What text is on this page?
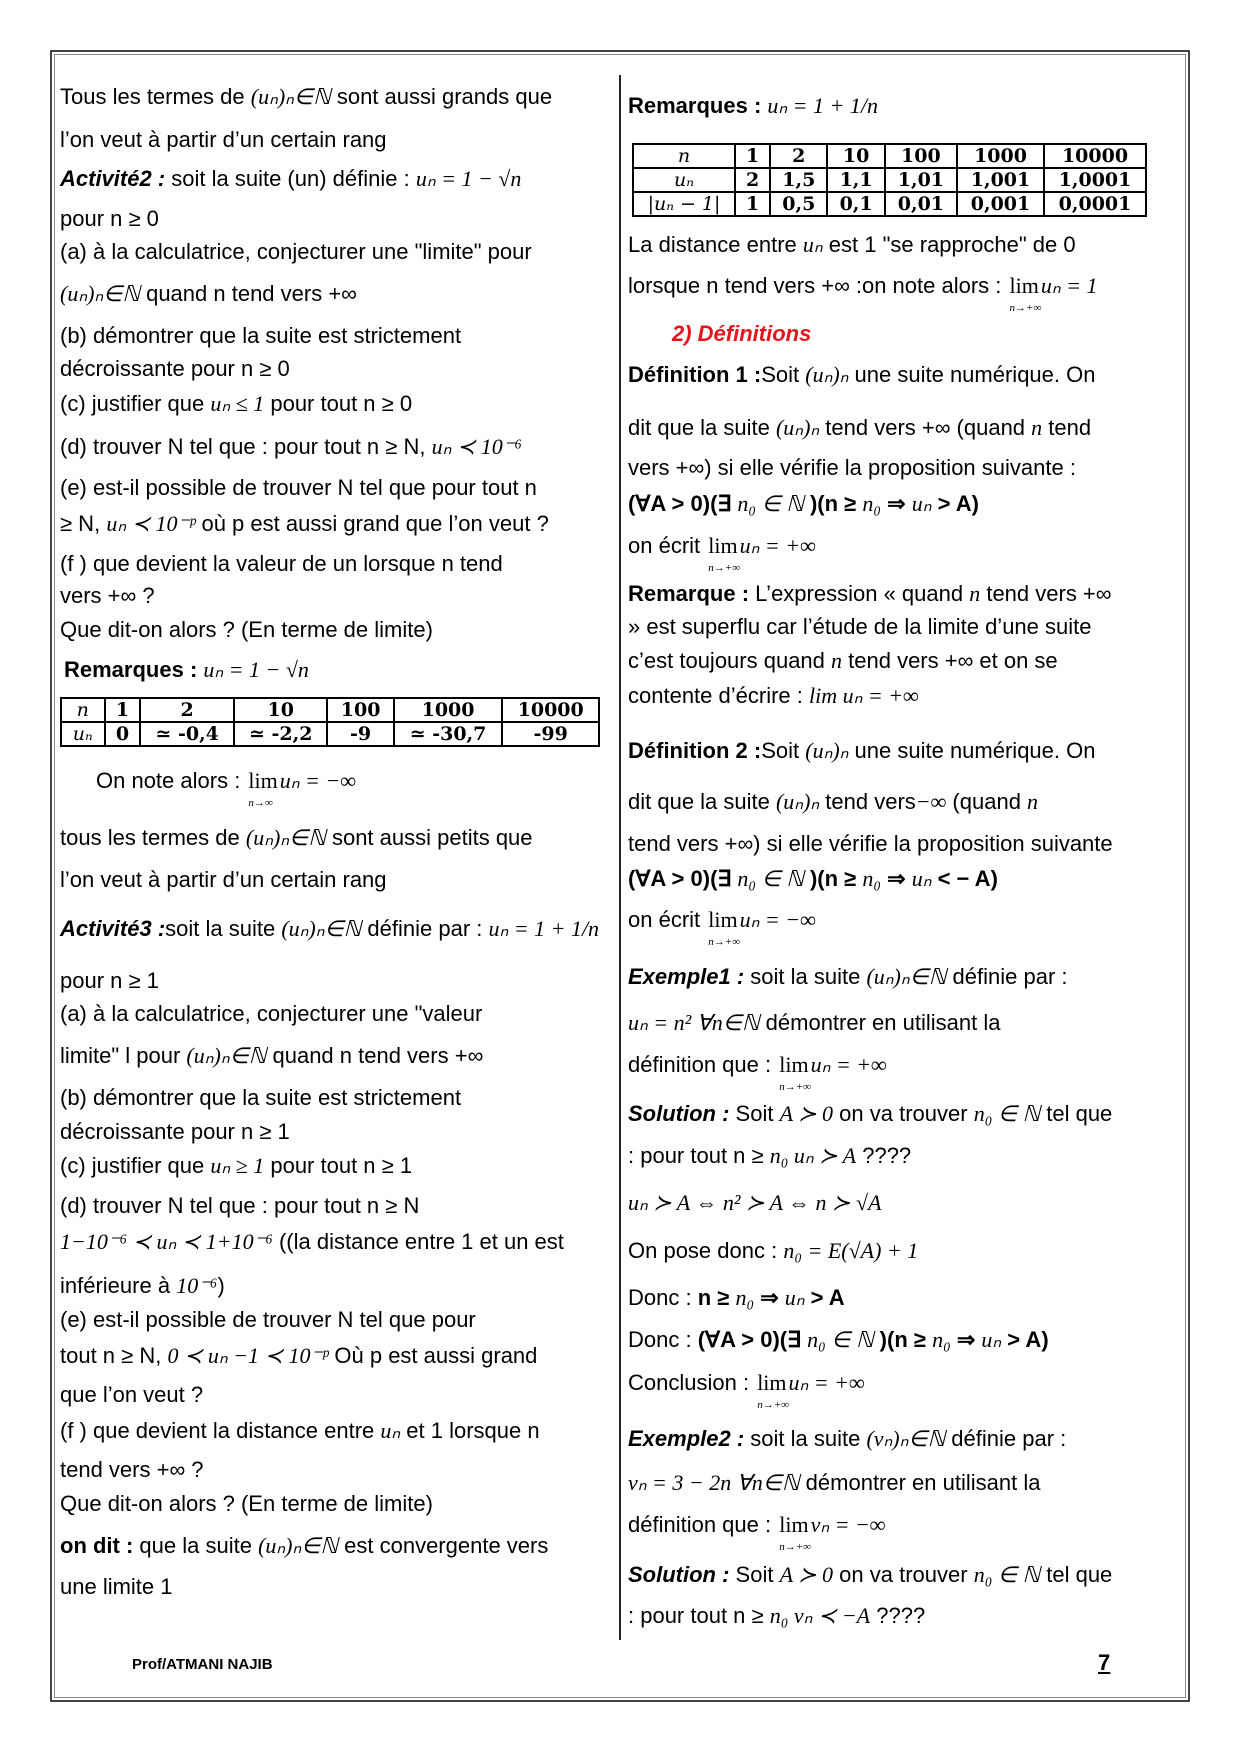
Tous les termes de (uₙ)ₙ∈ℕ sont aussi grands que
l’on veut à partir d’un certain rang
Activité2 : soit la suite (un) définie : uₙ = 1 − √n
pour n ≥ 0
(a) à la calculatrice, conjecturer une "limite" pour
(uₙ)ₙ∈ℕ quand n tend vers +∞
(b) démontrer que la suite est strictement
décroissante pour n ≥ 0
(c) justifier que uₙ ≤ 1 pour tout n ≥ 0
(d) trouver N tel que : pour tout n ≥ N, uₙ ≺ 10⁻⁶
(e) est-il possible de trouver N tel que pour tout n
≥ N, uₙ ≺ 10⁻ᵖ où p est aussi grand que l’on veut ?
(f ) que devient la valeur de un lorsque n tend
vers +∞ ?
Que dit-on alors ? (En terme de limite)
Remarques : uₙ = 1 − √n
On note alors : lim
n→∞
uₙ = −∞
tous les termes de (uₙ)ₙ∈ℕ sont aussi petits que
l’on veut à partir d’un certain rang
Activité3 :soit la suite (uₙ)ₙ∈ℕ définie par : uₙ = 1 + 1/n
pour n ≥ 1
(a) à la calculatrice, conjecturer une "valeur
limite" l pour (uₙ)ₙ∈ℕ quand n tend vers +∞
(b) démontrer que la suite est strictement
décroissante pour n ≥ 1
(c) justifier que uₙ ≥ 1 pour tout n ≥ 1
(d) trouver N tel que : pour tout n ≥ N
1−10⁻⁶ ≺ uₙ ≺ 1+10⁻⁶ ((la distance entre 1 et un est
inférieure à 10⁻⁶)
(e) est-il possible de trouver N tel que pour
tout n ≥ N, 0 ≺ uₙ −1 ≺ 10⁻ᵖ Où p est aussi grand
que l’on veut ?
(f ) que devient la distance entre uₙ et 1 lorsque n
tend vers +∞ ?
Que dit-on alors ? (En terme de limite)
on dit : que la suite (uₙ)ₙ∈ℕ est convergente vers
une limite 1
Remarques : uₙ = 1 + 1/n
La distance entre uₙ est 1 "se rapproche" de 0
lorsque n tend vers +∞ :on note alors : lim
n→+∞
uₙ = 1
2) Définitions
Définition 1 :Soit (uₙ)ₙ une suite numérique. On
dit que la suite (uₙ)ₙ tend vers +∞ (quand n tend
vers +∞) si elle vérifie la proposition suivante :
(∀A > 0)(∃ n₀ ∈ ℕ )(n ≥ n₀ ⇒ uₙ > A)
on écrit lim
n→+∞
uₙ = +∞
Remarque : L’expression « quand n tend vers +∞
» est superflu car l’étude de la limite d’une suite
c’est toujours quand n tend vers +∞ et on se
contente d’écrire : lim uₙ = +∞
Définition 2 :Soit (uₙ)ₙ une suite numérique. On
dit que la suite (uₙ)ₙ tend vers−∞ (quand n
tend vers +∞) si elle vérifie la proposition suivante
(∀A > 0)(∃ n₀ ∈ ℕ )(n ≥ n₀ ⇒ uₙ < − A)
on écrit lim
n→+∞
uₙ = −∞
Exemple1 : soit la suite (uₙ)ₙ∈ℕ définie par :
uₙ = n² ∀n∈ℕ démontrer en utilisant la
définition que : lim
n→+∞
uₙ = +∞
Solution : Soit A ≻ 0 on va trouver n₀ ∈ ℕ tel que
: pour tout n ≥ n₀ uₙ ≻ A ????
uₙ ≻ A ⇔ n² ≻ A ⇔ n ≻ √A
On pose donc : n₀ = E(√A) + 1
Donc : n ≥ n₀ ⇒ uₙ > A
Donc : (∀A > 0)(∃ n₀ ∈ ℕ )(n ≥ n₀ ⇒ uₙ > A)
Conclusion : lim
n→+∞
uₙ = +∞
Exemple2 : soit la suite (vₙ)ₙ∈ℕ définie par :
vₙ = 3 − 2n ∀n∈ℕ démontrer en utilisant la
définition que : lim
n→+∞
vₙ = −∞
Solution : Soit A ≻ 0 on va trouver n₀ ∈ ℕ tel que
: pour tout n ≥ n₀ vₙ ≺ −A ????
n	1	2	10	100	1000	10000
uₙ	0	≃ -0,4	≃ -2,2	-9	≃ -30,7	-99
n	1	2	10	100	1000	10000
uₙ	2	1,5	1,1	1,01	1,001	1,0001
|uₙ − 1|	1	0,5	0,1	0,01	0,001	0,0001
Prof/ATMANI NAJIB	7
